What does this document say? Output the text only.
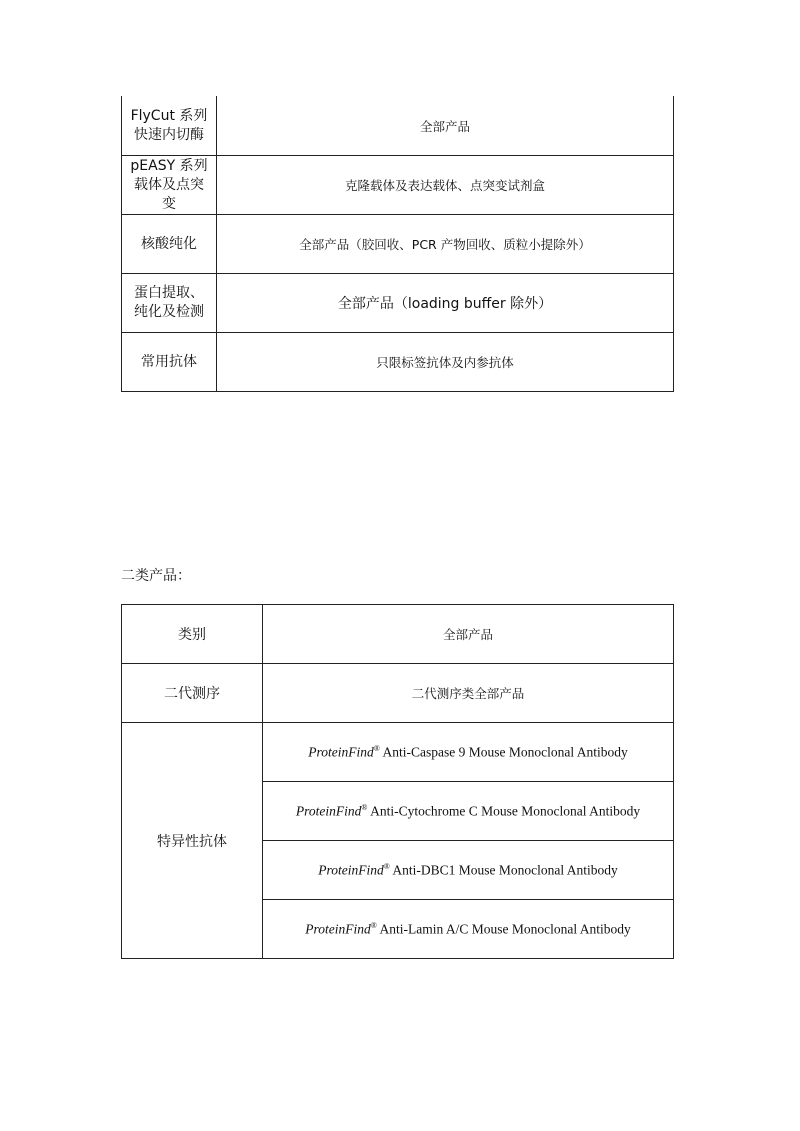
FlyCut 系列快速内切酶	全部产品
pEASY 系列载体及点突变	克隆载体及表达载体、点突变试剂盒
核酸纯化	全部产品（胶回收、PCR 产物回收、质粒小提除外）
蛋白提取、纯化及检测	全部产品（loading buffer 除外）
常用抗体	只限标签抗体及内参抗体
二类产品：
类别	全部产品
二代测序	二代测序类全部产品
特异性抗体	ProteinFind® Anti-Caspase 9 Mouse Monoclonal Antibody
	ProteinFind® Anti-Cytochrome C Mouse Monoclonal Antibody
	ProteinFind® Anti-DBC1 Mouse Monoclonal Antibody
	ProteinFind® Anti-Lamin A/C Mouse Monoclonal Antibody
